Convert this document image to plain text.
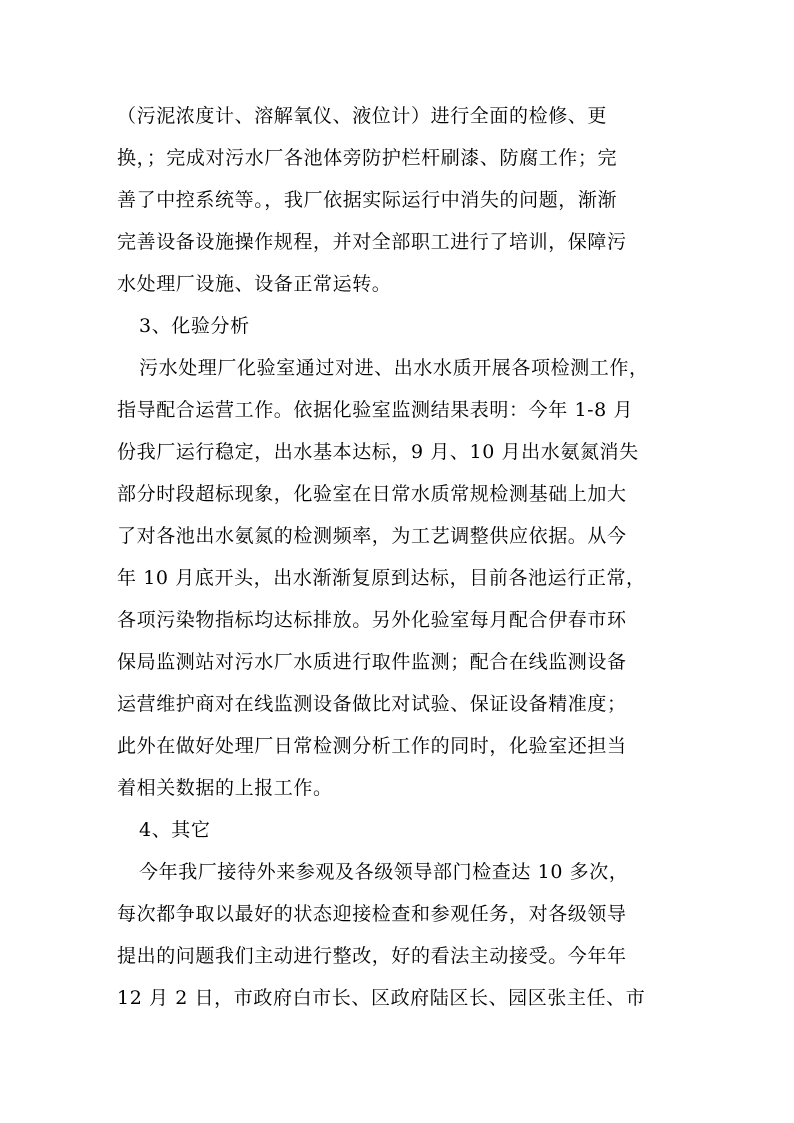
（污泥浓度计、溶解氧仪、液位计）进行全面的检修、更
换，；完成对污水厂各池体旁防护栏杆刷漆、防腐工作；完
善了中控系统等。，我厂依据实际运行中消失的问题，渐渐
完善设备设施操作规程，并对全部职工进行了培训，保障污
水处理厂设施、设备正常运转。
3、化验分析
污水处理厂化验室通过对进、出水水质开展各项检测工作，
指导配合运营工作。依据化验室监测结果表明：今年 1-8 月
份我厂运行稳定，出水基本达标，9 月、10 月出水氨氮消失
部分时段超标现象，化验室在日常水质常规检测基础上加大
了对各池出水氨氮的检测频率，为工艺调整供应依据。从今
年 10 月底开头，出水渐渐复原到达标，目前各池运行正常，
各项污染物指标均达标排放。另外化验室每月配合伊春市环
保局监测站对污水厂水质进行取件监测；配合在线监测设备
运营维护商对在线监测设备做比对试验、保证设备精准度；
此外在做好处理厂日常检测分析工作的同时，化验室还担当
着相关数据的上报工作。
4、其它
今年我厂接待外来参观及各级领导部门检查达 10 多次，
每次都争取以最好的状态迎接检查和参观任务，对各级领导
提出的问题我们主动进行整改，好的看法主动接受。今年年
12 月 2 日，市政府白市长、区政府陆区长、园区张主任、市
